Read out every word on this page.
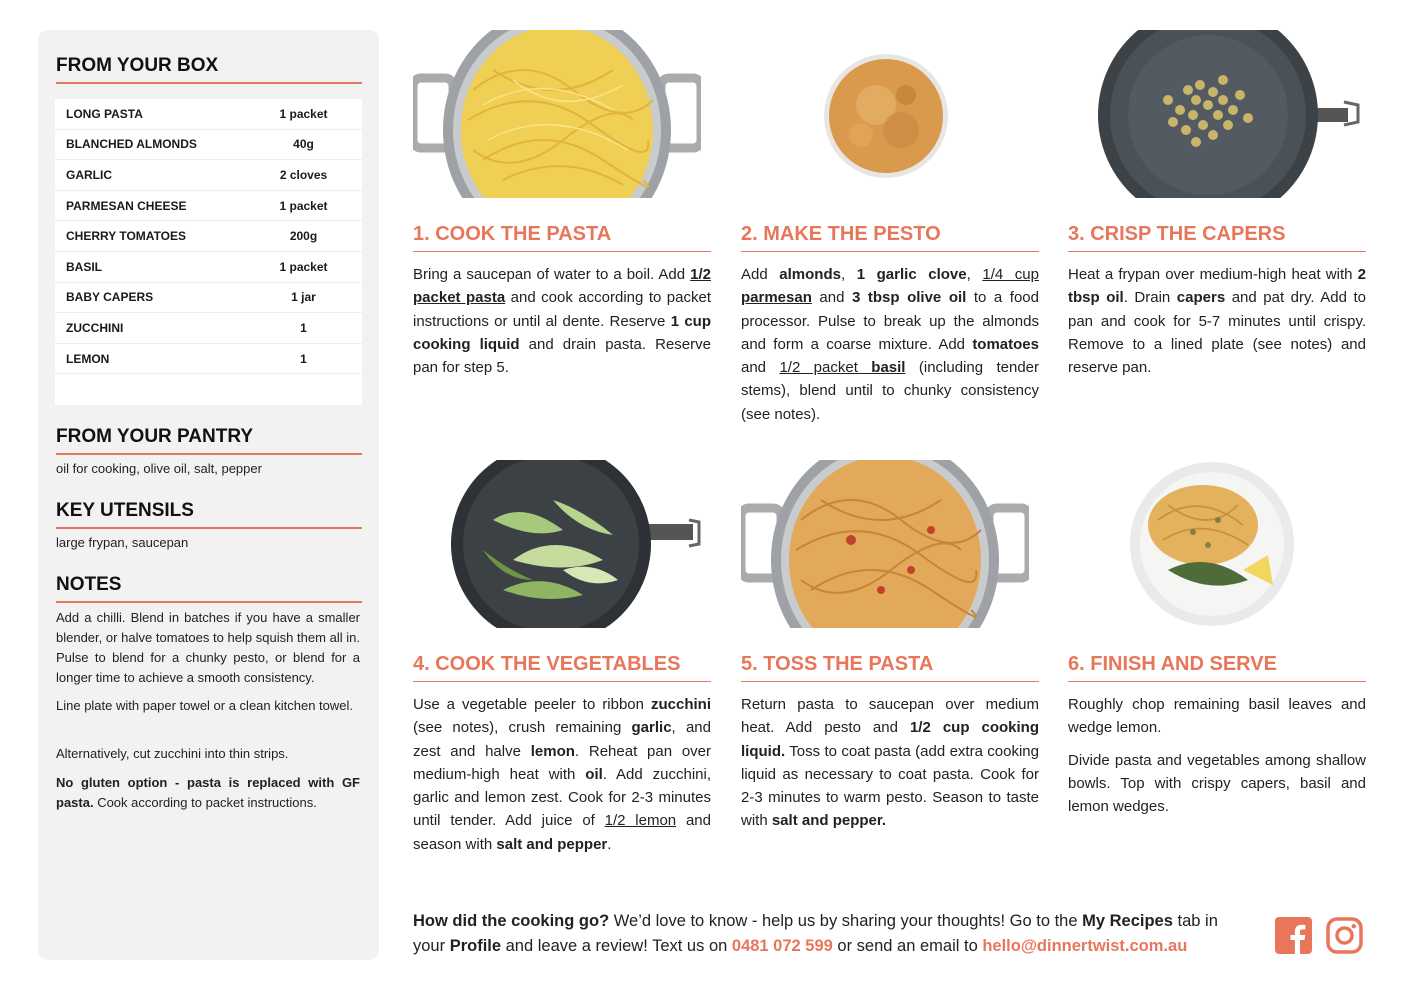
FROM YOUR BOX
LONG PASTA	1 packet
BLANCHED ALMONDS	40g
GARLIC	2 cloves
PARMESAN CHEESE	1 packet
CHERRY TOMATOES	200g
BASIL	1 packet
BABY CAPERS	1 jar
ZUCCHINI	1
LEMON	1
FROM YOUR PANTRY
oil for cooking, olive oil, salt, pepper
KEY UTENSILS
large frypan, saucepan
NOTES
Add a chilli. Blend in batches if you have a smaller blender, or halve tomatoes to help squish them all in. Pulse to blend for a chunky pesto, or blend for a longer time to achieve a smooth consistency.
Line plate with paper towel or a clean kitchen towel.
Alternatively, cut zucchini into thin strips.
No gluten option - pasta is replaced with GF pasta. Cook according to packet instructions.
1. COOK THE PASTA
Bring a saucepan of water to a boil. Add 1/2 packet pasta and cook according to packet instructions or until al dente. Reserve 1 cup cooking liquid and drain pasta. Reserve pan for step 5.
2. MAKE THE PESTO
Add almonds, 1 garlic clove, 1/4 cup parmesan and 3 tbsp olive oil to a food processor. Pulse to break up the almonds and form a coarse mixture. Add tomatoes and 1/2 packet basil (including tender stems), blend until to chunky consistency (see notes).
3. CRISP THE CAPERS
Heat a frypan over medium-high heat with 2 tbsp oil. Drain capers and pat dry. Add to pan and cook for 5-7 minutes until crispy. Remove to a lined plate (see notes) and reserve pan.
4. COOK THE VEGETABLES
Use a vegetable peeler to ribbon zucchini (see notes), crush remaining garlic, and zest and halve lemon. Reheat pan over medium-high heat with oil. Add zucchini, garlic and lemon zest. Cook for 2-3 minutes until tender. Add juice of 1/2 lemon and season with salt and pepper.
5. TOSS THE PASTA
Return pasta to saucepan over medium heat. Add pesto and 1/2 cup cooking liquid. Toss to coat pasta (add extra cooking liquid as necessary to coat pasta. Cook for 2-3 minutes to warm pesto. Season to taste with salt and pepper.
6. FINISH AND SERVE

Roughly chop remaining basil leaves and wedge lemon.

Divide pasta and vegetables among shallow bowls. Top with crispy capers, basil and lemon wedges.

How did the cooking go? We’d love to know - help us by sharing your thoughts! Go to the My Recipes tab in your Profile and leave a review! Text us on 0481 072 599 or send an email to hello@dinnertwist.com.au
